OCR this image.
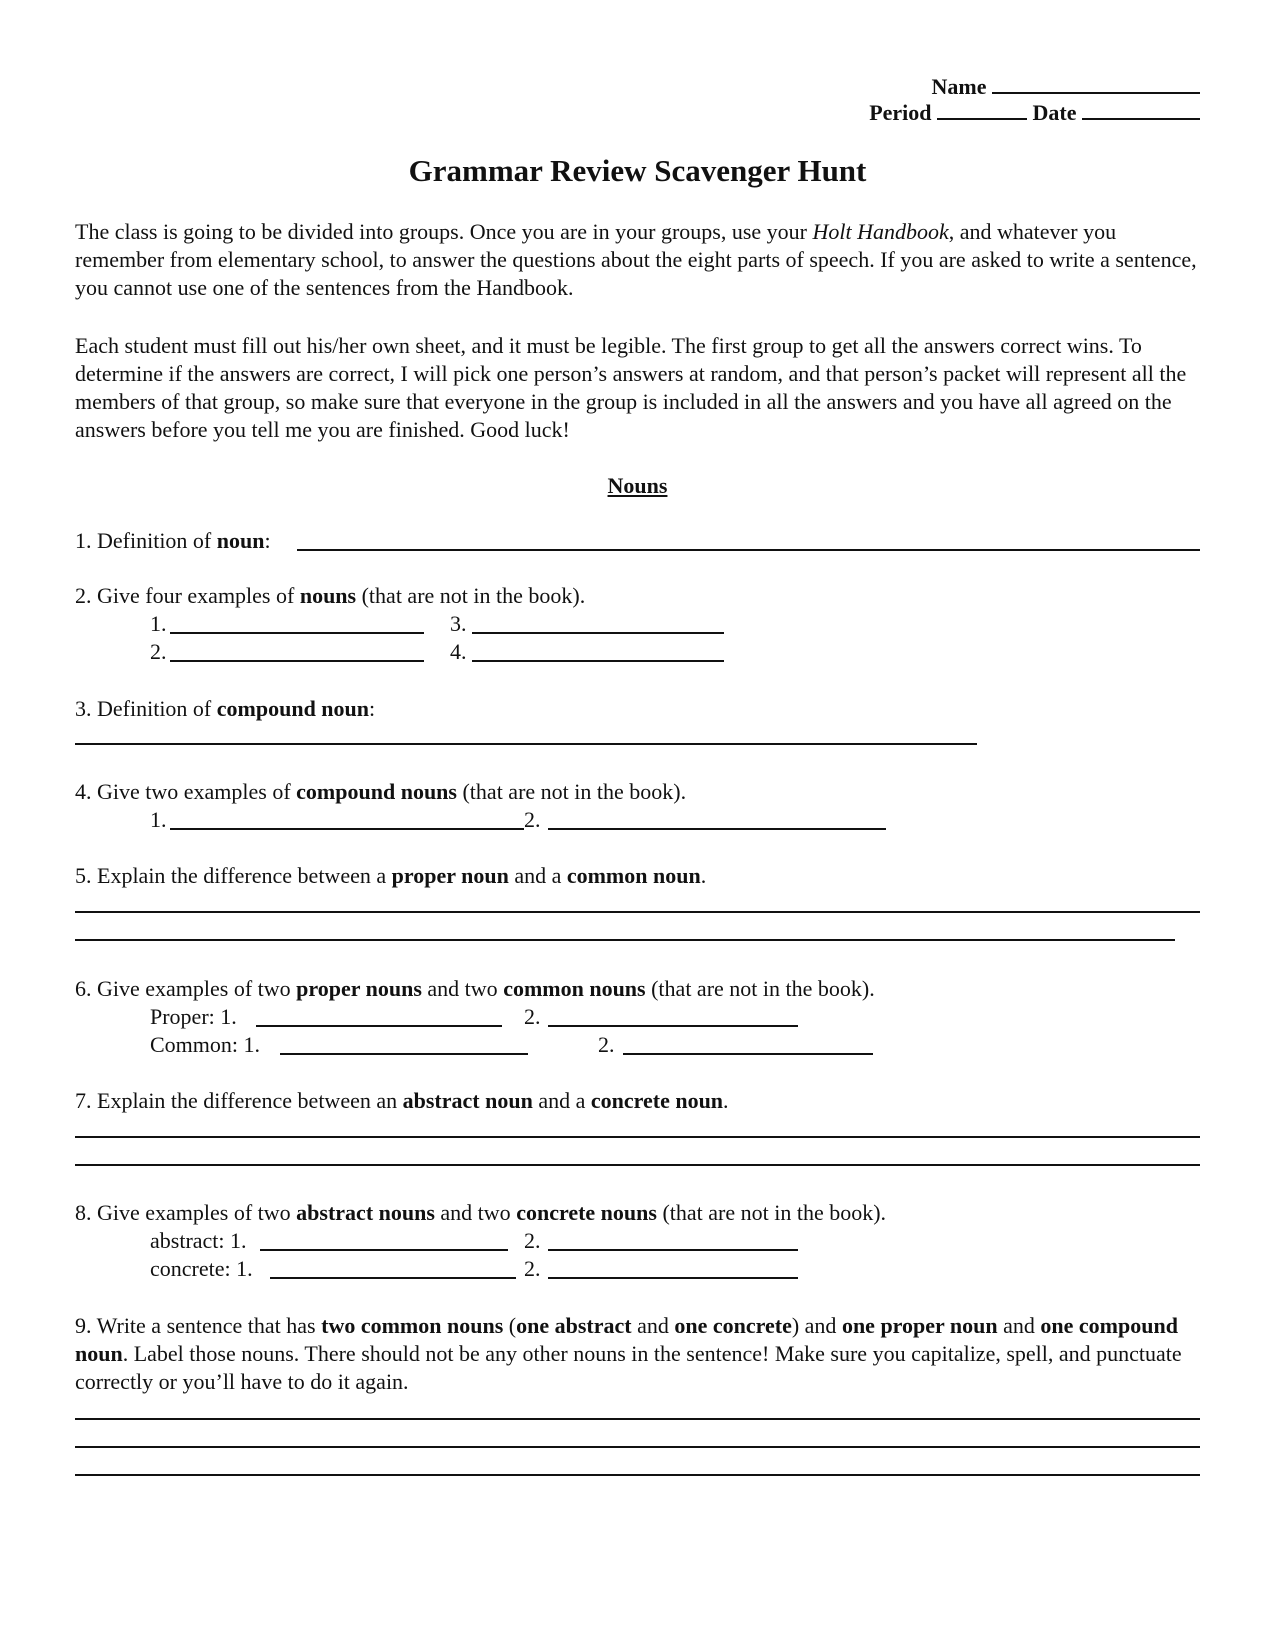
Name
Period	Date
Grammar Review Scavenger Hunt
The class is going to be divided into groups. Once you are in your groups, use your Holt Handbook, and whatever you remember from elementary school, to answer the questions about the eight parts of speech. If you are asked to write a sentence, you cannot use one of the sentences from the Handbook.
Each student must fill out his/her own sheet, and it must be legible. The first group to get all the answers correct wins. To determine if the answers are correct, I will pick one person’s answers at random, and that person’s packet will represent all the members of that group, so make sure that everyone in the group is included in all the answers and you have all agreed on the answers before you tell me you are finished. Good luck!
Nouns
1. Definition of noun:
2. Give four examples of nouns (that are not in the book).
1.	3.
2.	4.
3. Definition of compound noun:
4. Give two examples of compound nouns (that are not in the book).
1.	2.
5. Explain the difference between a proper noun and a common noun.
6. Give examples of two proper nouns and two common nouns (that are not in the book).
Proper: 1.	2.
Common: 1.	2.
7. Explain the difference between an abstract noun and a concrete noun.
8. Give examples of two abstract nouns and two concrete nouns (that are not in the book).
abstract: 1.	2.
concrete: 1.	2.
9. Write a sentence that has two common nouns (one abstract and one concrete) and one proper noun and one compound noun. Label those nouns. There should not be any other nouns in the sentence! Make sure you capitalize, spell, and punctuate correctly or you’ll have to do it again.
